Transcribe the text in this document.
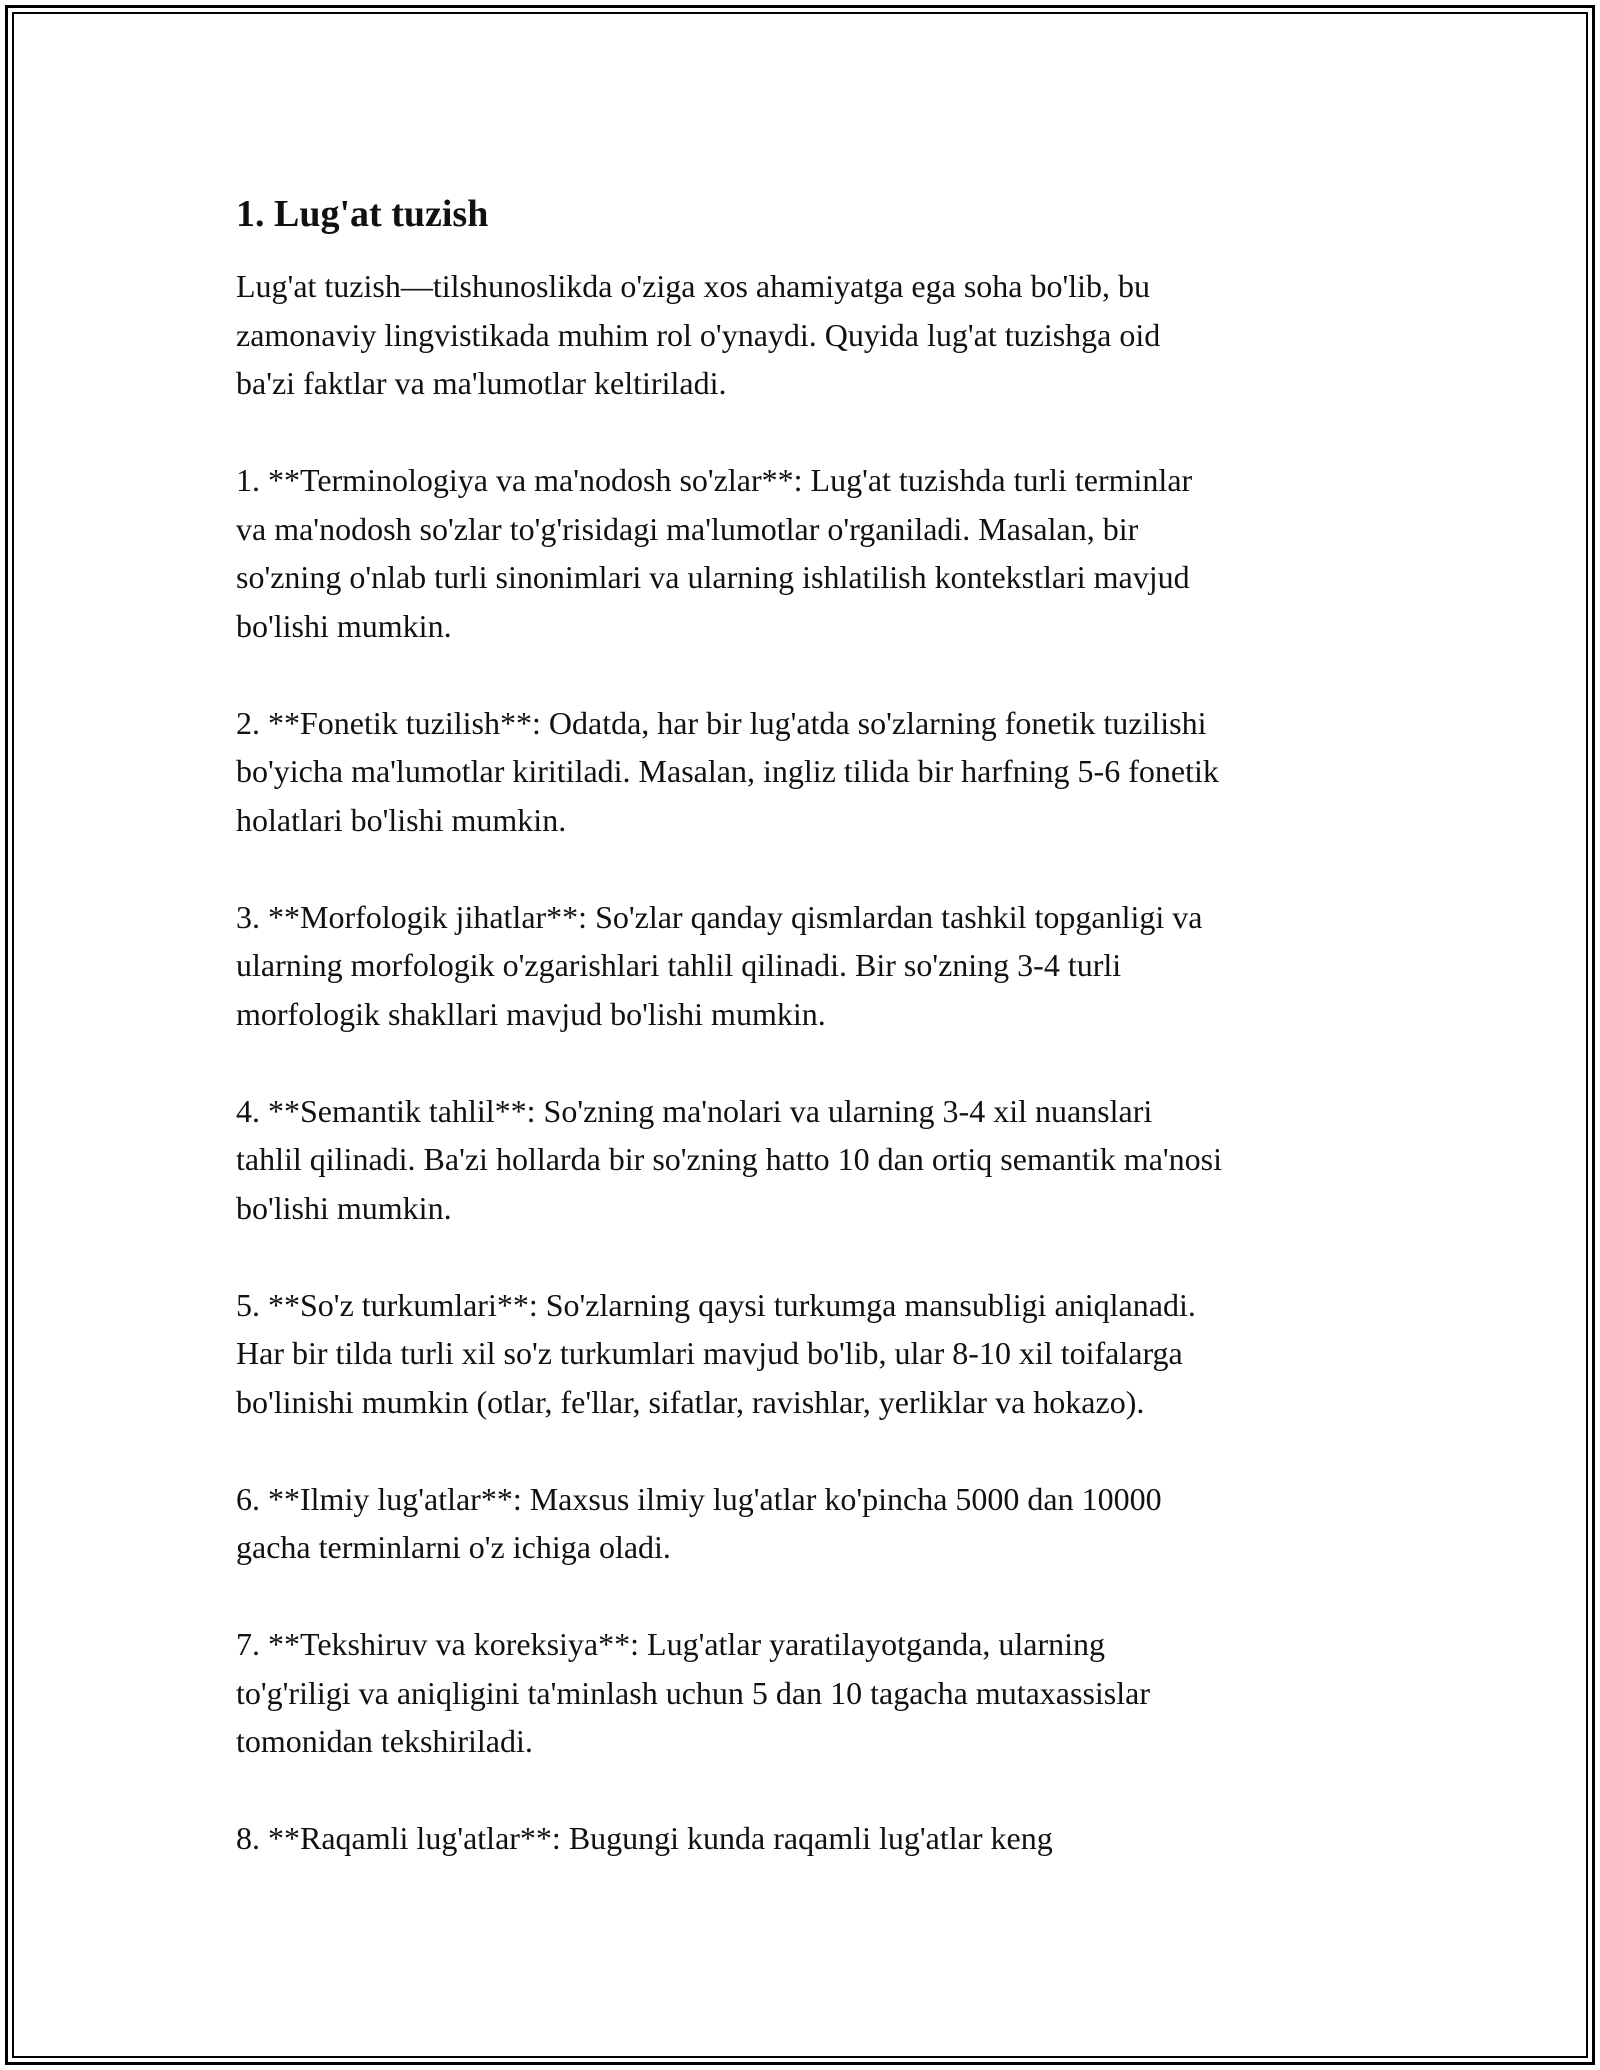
1. Lug'at tuzish

Lug'at tuzish—tilshunoslikda o'ziga xos ahamiyatga ega soha bo'lib, bu
zamonaviy lingvistikada muhim rol o'ynaydi. Quyida lug'at tuzishga oid
ba'zi faktlar va ma'lumotlar keltiriladi.

1. **Terminologiya va ma'nodosh so'zlar**: Lug'at tuzishda turli terminlar
va ma'nodosh so'zlar to'g'risidagi ma'lumotlar o'rganiladi. Masalan, bir
so'zning o'nlab turli sinonimlari va ularning ishlatilish kontekstlari mavjud
bo'lishi mumkin.

2. **Fonetik tuzilish**: Odatda, har bir lug'atda so'zlarning fonetik tuzilishi
bo'yicha ma'lumotlar kiritiladi. Masalan, ingliz tilida bir harfning 5-6 fonetik
holatlari bo'lishi mumkin.

3. **Morfologik jihatlar**: So'zlar qanday qismlardan tashkil topganligi va
ularning morfologik o'zgarishlari tahlil qilinadi. Bir so'zning 3-4 turli
morfologik shakllari mavjud bo'lishi mumkin.

4. **Semantik tahlil**: So'zning ma'nolari va ularning 3-4 xil nuanslari
tahlil qilinadi. Ba'zi hollarda bir so'zning hatto 10 dan ortiq semantik ma'nosi
bo'lishi mumkin.

5. **So'z turkumlari**: So'zlarning qaysi turkumga mansubligi aniqlanadi.
Har bir tilda turli xil so'z turkumlari mavjud bo'lib, ular 8-10 xil toifalarga
bo'linishi mumkin (otlar, fe'llar, sifatlar, ravishlar, yerliklar va hokazo).

6. **Ilmiy lug'atlar**: Maxsus ilmiy lug'atlar ko'pincha 5000 dan 10000
gacha terminlarni o'z ichiga oladi.

7. **Tekshiruv va koreksiya**: Lug'atlar yaratilayotganda, ularning
to'g'riligi va aniqligini ta'minlash uchun 5 dan 10 tagacha mutaxassislar
tomonidan tekshiriladi.

8. **Raqamli lug'atlar**: Bugungi kunda raqamli lug'atlar keng
